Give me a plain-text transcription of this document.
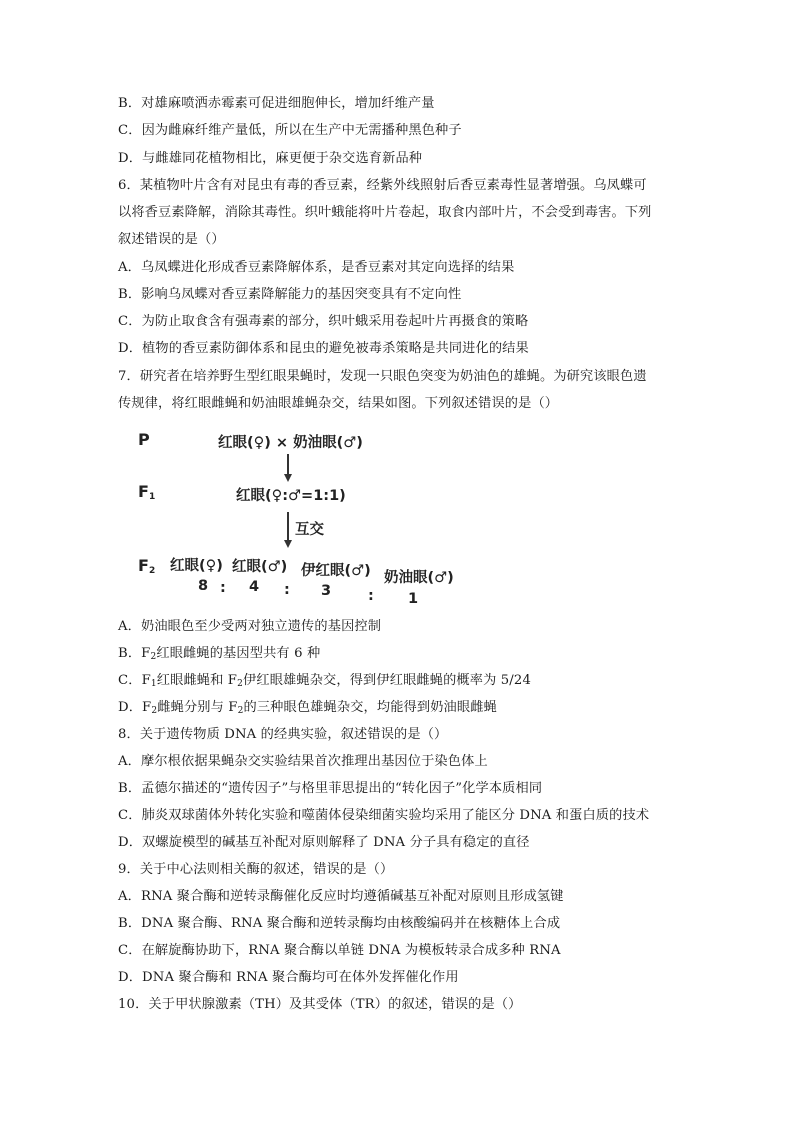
B．对雄麻喷洒赤霉素可促进细胞伸长，增加纤维产量
C．因为雌麻纤维产量低，所以在生产中无需播种黑色种子
D．与雌雄同花植物相比，麻更便于杂交选育新品种
6．某植物叶片含有对昆虫有毒的香豆素，经紫外线照射后香豆素毒性显著增强。乌凤蝶可
以将香豆素降解，消除其毒性。织叶蛾能将叶片卷起，取食内部叶片，不会受到毒害。下列
叙述错误的是（）
A．乌凤蝶进化形成香豆素降解体系，是香豆素对其定向选择的结果
B．影响乌凤蝶对香豆素降解能力的基因突变具有不定向性
C．为防止取食含有强毒素的部分，织叶蛾采用卷起叶片再摄食的策略
D．植物的香豆素防御体系和昆虫的避免被毒杀策略是共同进化的结果
7．研究者在培养野生型红眼果蝇时，发现一只眼色突变为奶油色的雄蝇。为研究该眼色遗
传规律，将红眼雌蝇和奶油眼雄蝇杂交，结果如图。下列叙述错误的是（）
P	红眼(♀) × 奶油眼(♂)
$F_1$	红眼(♀:♂=1:1)
互交
$F_2$ 红眼(♀) 红眼(♂) 伊红眼(♂) 奶油眼(♂)
8 : 4 : 3	: 1
A．奶油眼色至少受两对独立遗传的基因控制
B．$F_2$红眼雌蝇的基因型共有 6 种
C．$F_1$红眼雌蝇和 $F_2$伊红眼雄蝇杂交，得到伊红眼雌蝇的概率为 5/24
D．$F_2$雌蝇分别与 $F_2$的三种眼色雄蝇杂交，均能得到奶油眼雌蝇
8．关于遗传物质 DNA 的经典实验，叙述错误的是（）
A．摩尔根依据果蝇杂交实验结果首次推理出基因位于染色体上
B．孟德尔描述的“遗传因子”与格里菲思提出的“转化因子”化学本质相同
C．肺炎双球菌体外转化实验和噬菌体侵染细菌实验均采用了能区分 DNA 和蛋白质的技术
D．双螺旋模型的碱基互补配对原则解释了 DNA 分子具有稳定的直径
9．关于中心法则相关酶的叙述，错误的是（）
A．RNA 聚合酶和逆转录酶催化反应时均遵循碱基互补配对原则且形成氢键
B．DNA 聚合酶、RNA 聚合酶和逆转录酶均由核酸编码并在核糖体上合成
C．在解旋酶协助下，RNA 聚合酶以单链 DNA 为模板转录合成多种 RNA
D．DNA 聚合酶和 RNA 聚合酶均可在体外发挥催化作用
10．关于甲状腺激素（TH）及其受体（TR）的叙述，错误的是（）
